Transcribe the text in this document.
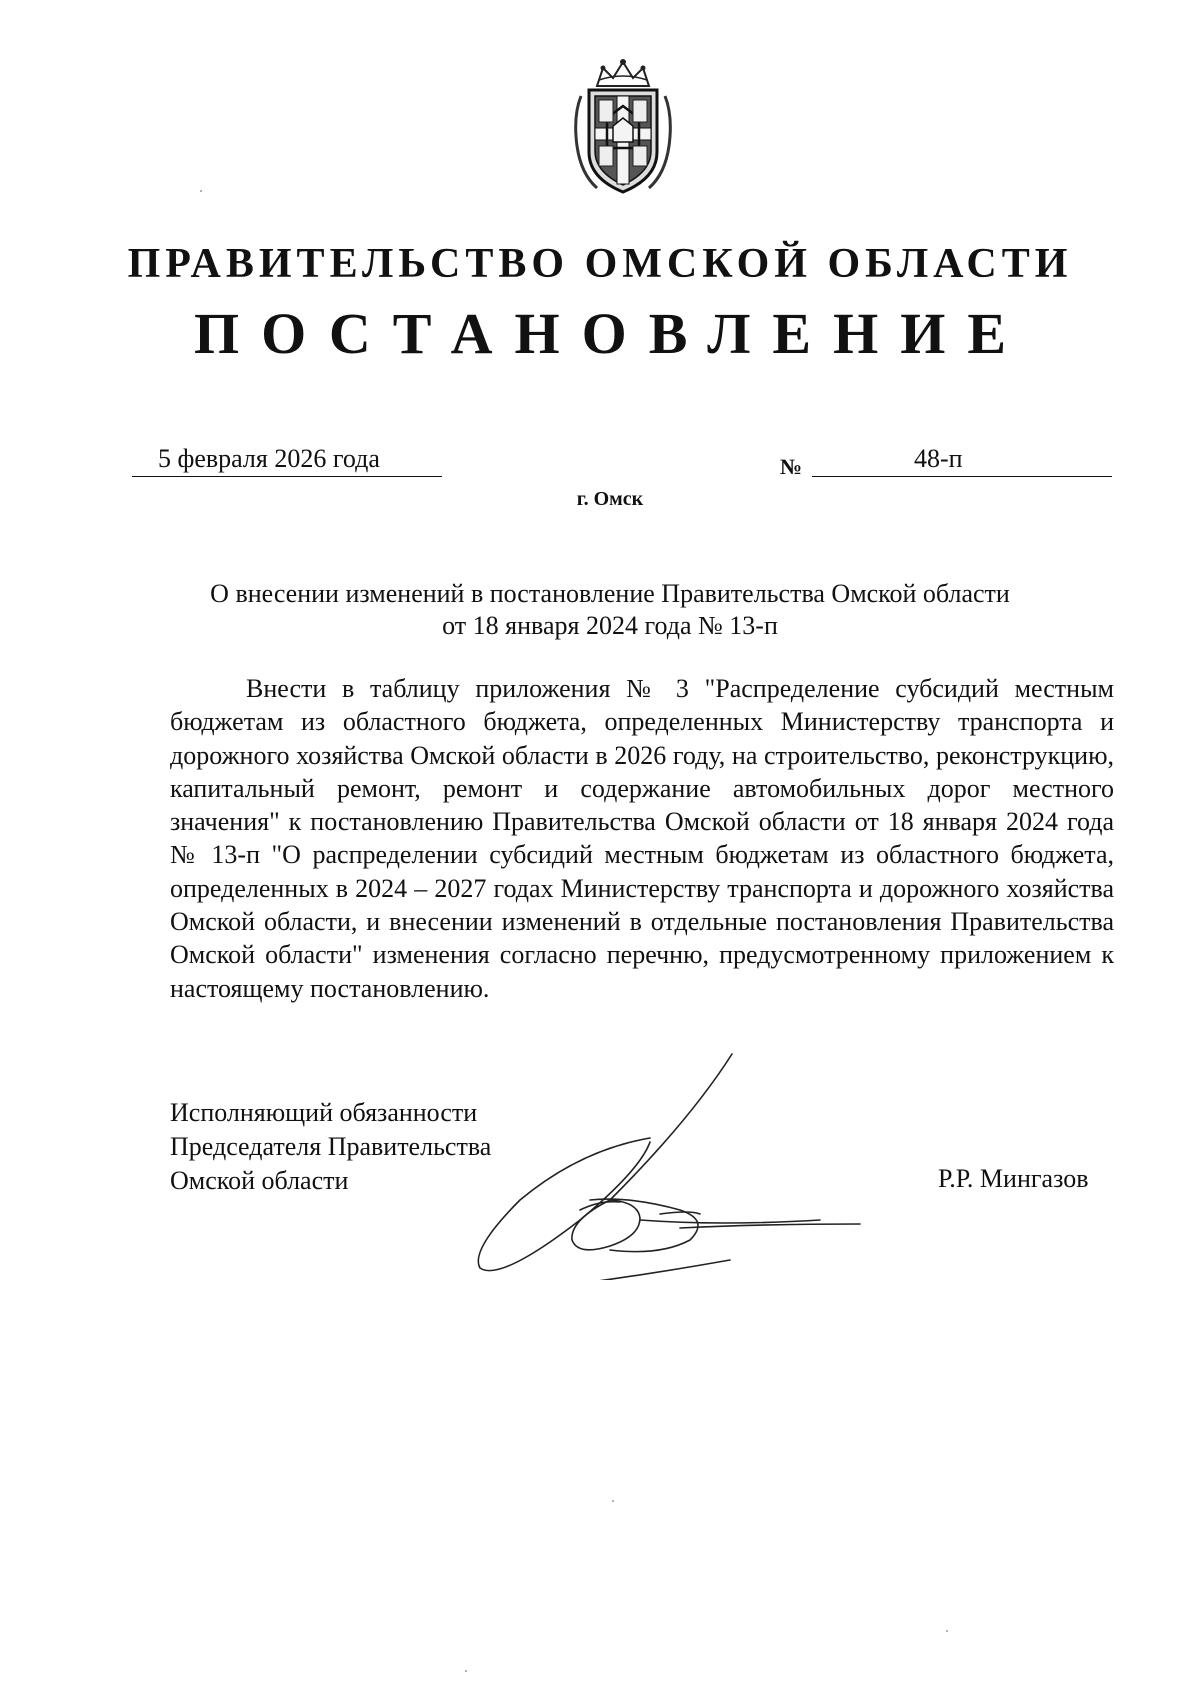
ПРАВИТЕЛЬСТВО ОМСКОЙ ОБЛАСТИ
ПОСТАНОВЛЕНИЕ
5 февраля 2026 года	№	48-п
г. Омск
О внесении изменений в постановление Правительства Омской области
от 18 января 2024 года № 13-п

Внести в таблицу приложения № 3 "Распределение субсидий местным бюджетам из областного бюджета, определенных Министерству транспорта и дорожного хозяйства Омской области в 2026 году, на строительство, реконструкцию, капитальный ремонт, ремонт и содержание автомобильных дорог местного значения" к постановлению Правительства Омской области от 18 января 2024 года № 13-п "О распределении субсидий местным бюджетам из областного бюджета, определенных в 2024 – 2027 годах Министерству транспорта и дорожного хозяйства Омской области, и внесении изменений в отдельные постановления Правительства Омской области" изменения согласно перечню, предусмотренному приложением к настоящему постановлению.

Исполняющий обязанности
Председателя Правительства
Омской области	Р.Р. Мингазов
